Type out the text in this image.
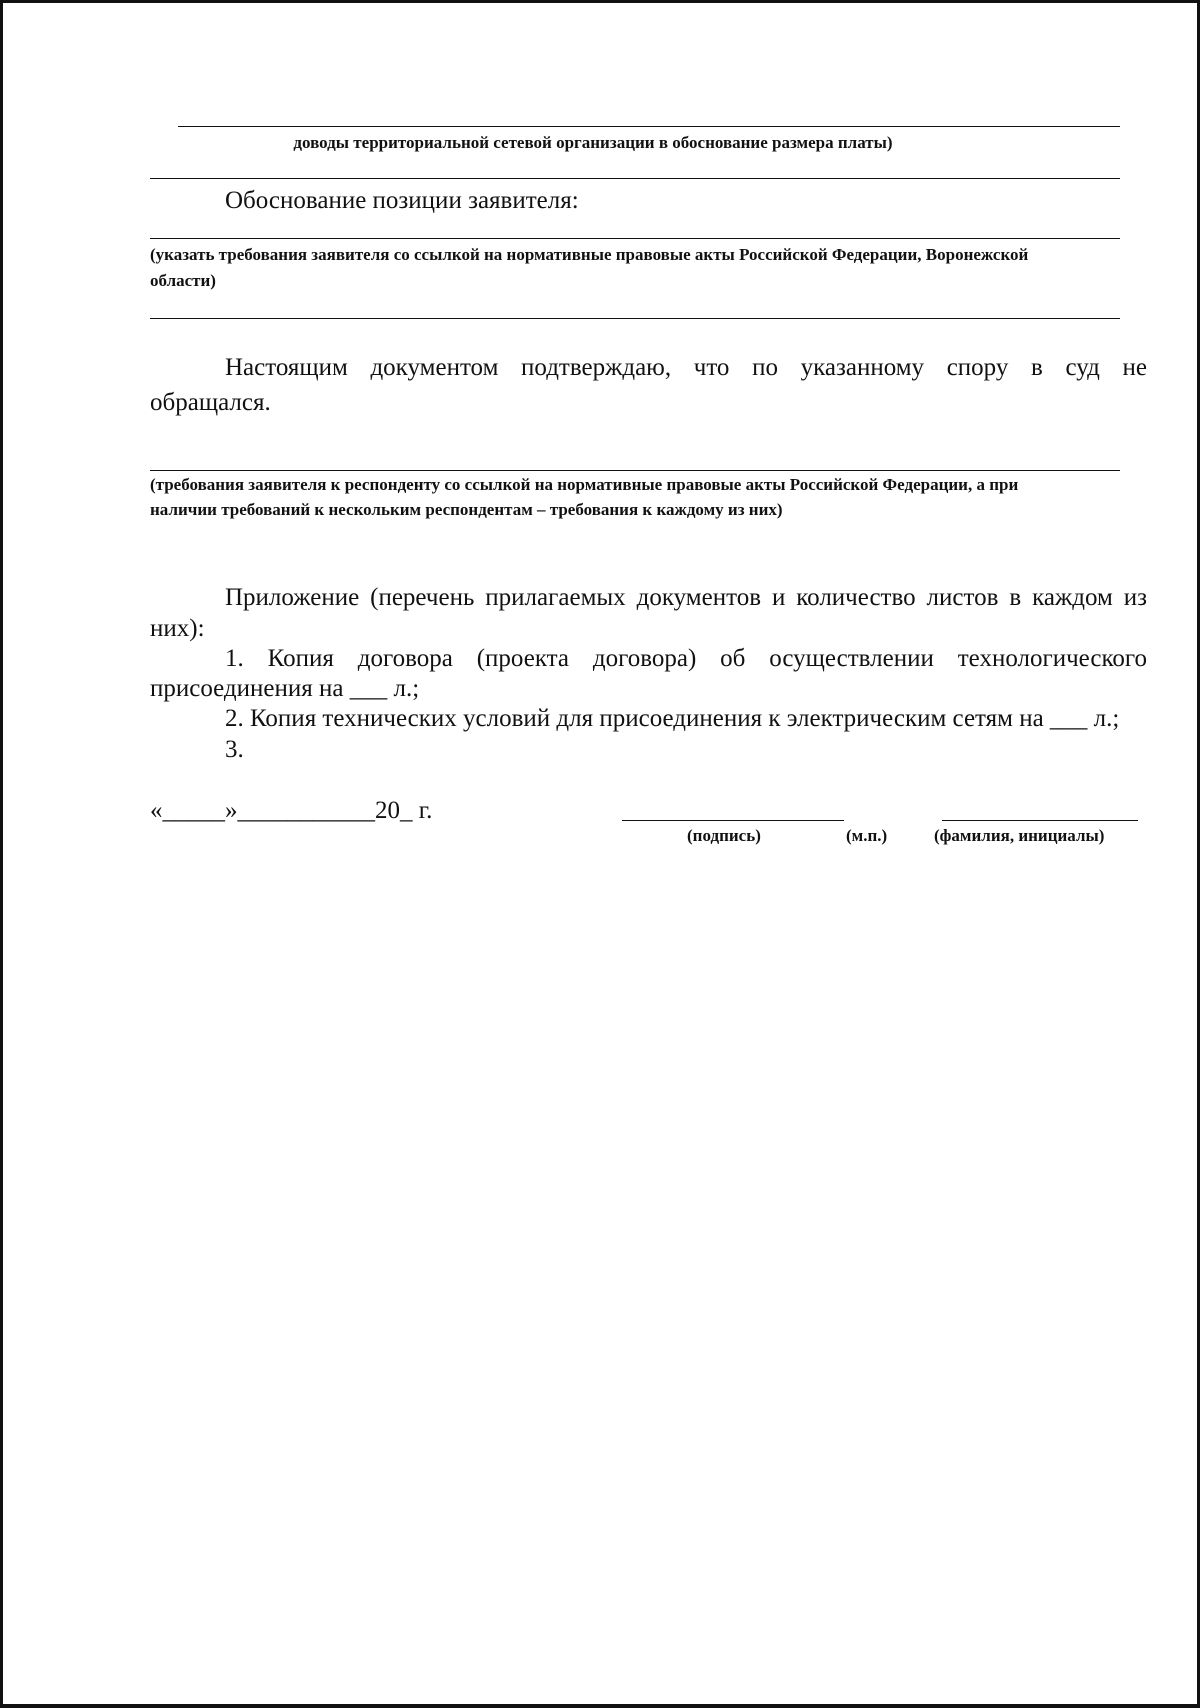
доводы территориальной сетевой организации в обоснование размера платы)
Обоснование позиции заявителя:
(указать требования заявителя со ссылкой на нормативные правовые акты Российской Федерации, Воронежской
области)
Настоящим документом подтверждаю, что по указанному спору в суд не
обращался.
(требования заявителя к респонденту со ссылкой на нормативные правовые акты Российской Федерации, а при
наличии требований к нескольким респондентам – требования к каждому из них)
Приложение (перечень прилагаемых документов и количество листов в каждом из
них):
1. Копия договора (проекта договора) об осуществлении технологического
присоединения на ___ л.;
2. Копия технических условий для присоединения к электрическим сетям на ___ л.;
3.
«_____»___________20_ г.
(подпись)	(м.п.)	(фамилия, инициалы)
